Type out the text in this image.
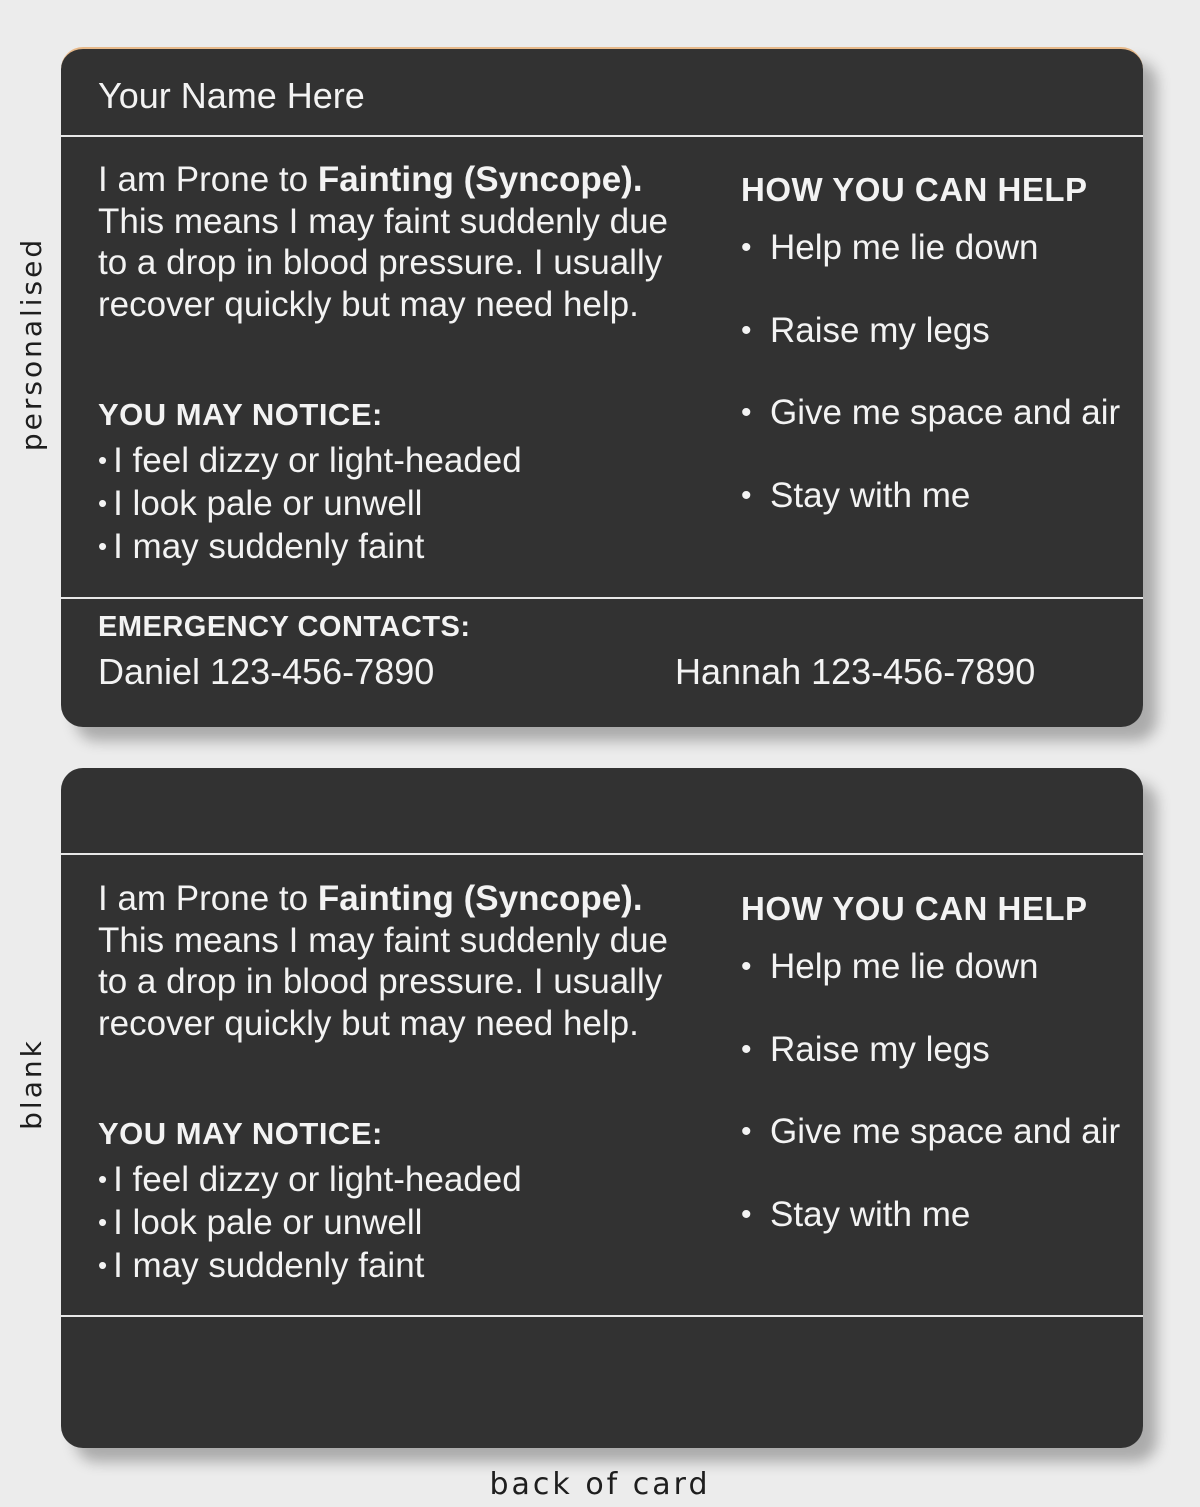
personalised
blank
Your Name Here
I am Prone to Fainting (Syncope). This means I may faint suddenly due to a drop in blood pressure. I usually recover quickly but may need help.
YOU MAY NOTICE:
• I feel dizzy or light-headed
• I look pale or unwell
• I may suddenly faint
HOW YOU CAN HELP
• Help me lie down
• Raise my legs
• Give me space and air
• Stay with me
EMERGENCY CONTACTS:
Daniel 123-456-7890	Hannah 123-456-7890
I am Prone to Fainting (Syncope). This means I may faint suddenly due to a drop in blood pressure. I usually recover quickly but may need help.
YOU MAY NOTICE:
• I feel dizzy or light-headed
• I look pale or unwell
• I may suddenly faint
HOW YOU CAN HELP
• Help me lie down
• Raise my legs
• Give me space and air
• Stay with me
back of card
